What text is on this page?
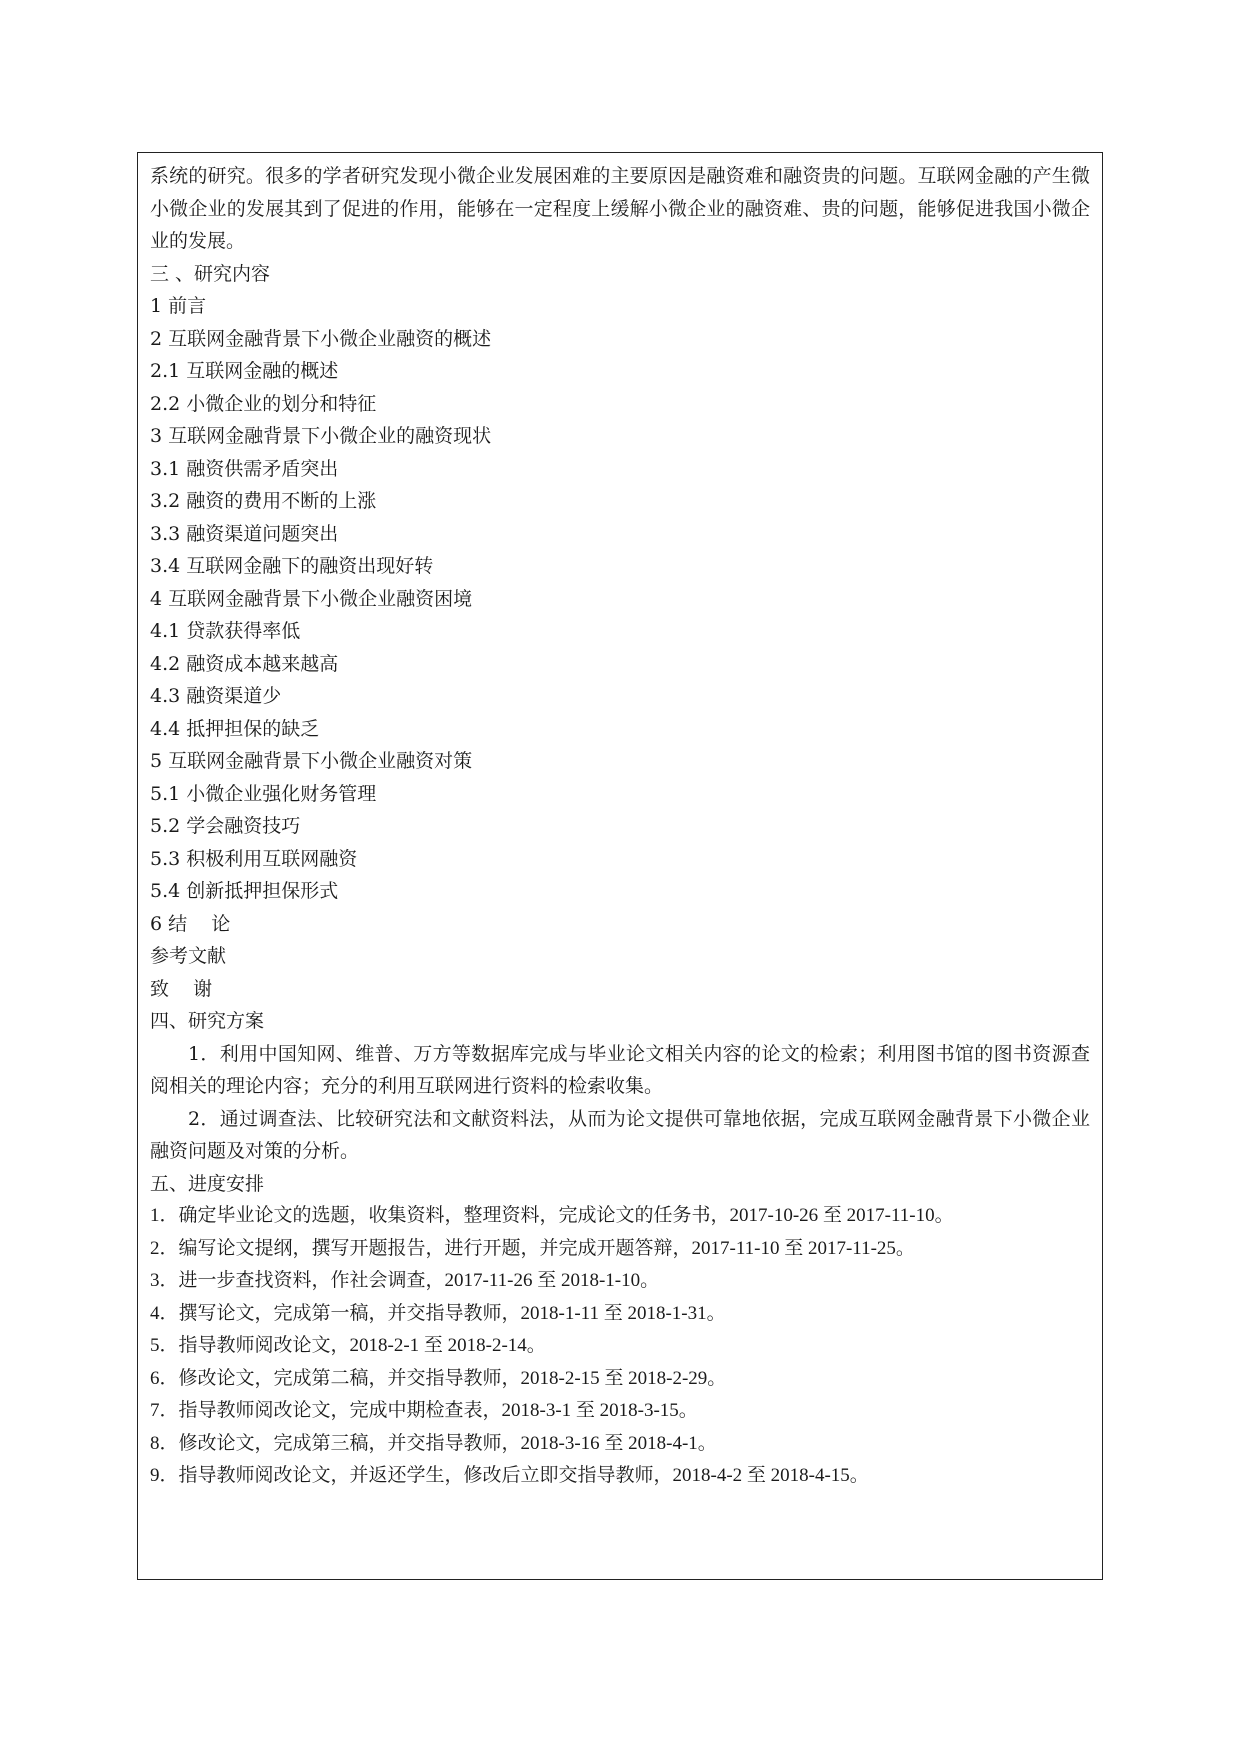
系统的研究。很多的学者研究发现小微企业发展困难的主要原因是融资难和融资贵的问题。互联网金融的产生微小微企业的发展其到了促进的作用，能够在一定程度上缓解小微企业的融资难、贵的问题，能够促进我国小微企业的发展。
三 、研究内容
1 前言
2 互联网金融背景下小微企业融资的概述
2.1 互联网金融的概述
2.2 小微企业的划分和特征
3 互联网金融背景下小微企业的融资现状
3.1 融资供需矛盾突出
3.2 融资的费用不断的上涨
3.3 融资渠道问题突出
3.4 互联网金融下的融资出现好转
4 互联网金融背景下小微企业融资困境
4.1 贷款获得率低
4.2 融资成本越来越高
4.3 融资渠道少
4.4 抵押担保的缺乏
5 互联网金融背景下小微企业融资对策
5.1 小微企业强化财务管理
5.2 学会融资技巧
5.3 积极利用互联网融资
5.4 创新抵押担保形式
6 结    论
参考文献
致    谢
四、研究方案
1．利用中国知网、维普、万方等数据库完成与毕业论文相关内容的论文的检索；利用图书馆的图书资源查阅相关的理论内容；充分的利用互联网进行资料的检索收集。
2．通过调查法、比较研究法和文献资料法，从而为论文提供可靠地依据，完成互联网金融背景下小微企业融资问题及对策的分析。
五、进度安排
1．确定毕业论文的选题，收集资料，整理资料，完成论文的任务书，2017-10-26 至 2017-11-10。
2．编写论文提纲，撰写开题报告，进行开题，并完成开题答辩，2017-11-10 至 2017-11-25。
3．进一步查找资料，作社会调查，2017-11-26 至 2018-1-10。
4．撰写论文，完成第一稿，并交指导教师，2018-1-11 至 2018-1-31。
5．指导教师阅改论文，2018-2-1 至 2018-2-14。
6．修改论文，完成第二稿，并交指导教师，2018-2-15 至 2018-2-29。
7．指导教师阅改论文，完成中期检查表，2018-3-1 至 2018-3-15。
8．修改论文，完成第三稿，并交指导教师，2018-3-16 至 2018-4-1。
9．指导教师阅改论文，并返还学生，修改后立即交指导教师，2018-4-2 至 2018-4-15。
